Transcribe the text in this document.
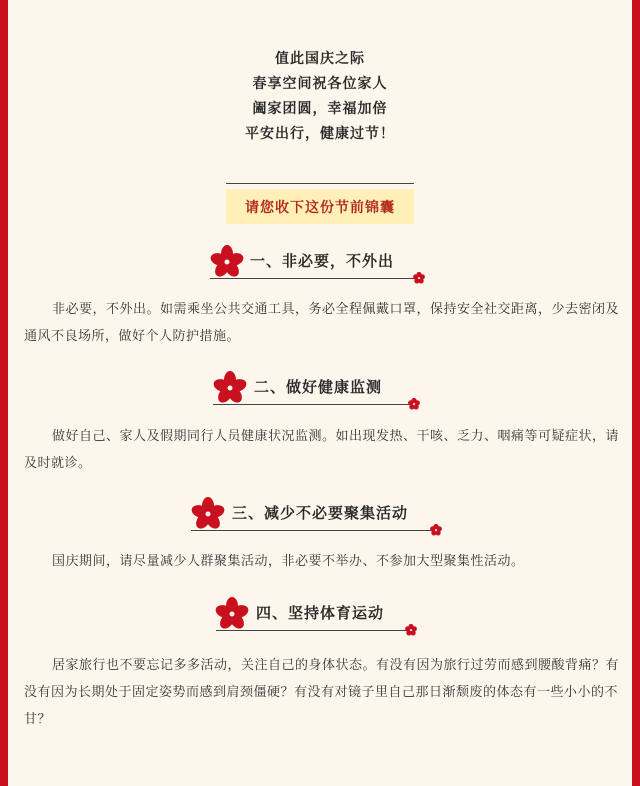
值此国庆之际
春享空间祝各位家人
阖家团圆，幸福加倍
平安出行，健康过节！
请您收下这份节前锦囊
一、非必要，不外出
非必要，不外出。如需乘坐公共交通工具，务必全程佩戴口罩，保持安全社交距离，少去密闭及通风不良场所，做好个人防护措施。
二、做好健康监测
做好自己、家人及假期同行人员健康状况监测。如出现发热、干咳、乏力、咽痛等可疑症状，请及时就诊。
三、减少不必要聚集活动
国庆期间，请尽量减少人群聚集活动，非必要不举办、不参加大型聚集性活动。
四、坚持体育运动
居家旅行也不要忘记多多活动，关注自己的身体状态。有没有因为旅行过劳而感到腰酸背痛？有没有因为长期处于固定姿势而感到肩颈僵硬？有没有对镜子里自己那日渐颓废的体态有一些小小的不甘？
